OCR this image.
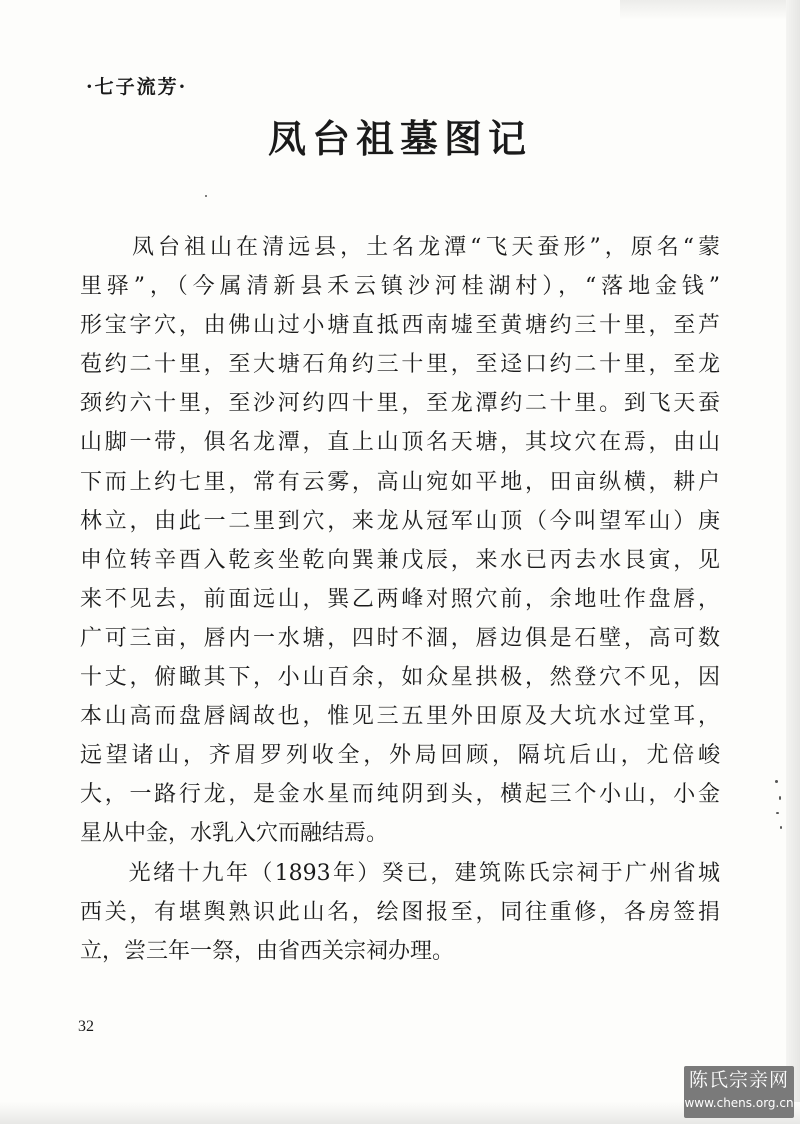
·七子流芳·
凤台祖墓图记
　　凤台祖山在清远县，土名龙潭“飞天蚕形”，原名“蒙
里驿”，（今属清新县禾云镇沙河桂湖村），“落地金钱”
形宝字穴，由佛山过小塘直抵西南墟至黄塘约三十里，至芦
苞约二十里，至大塘石角约三十里，至迳口约二十里，至龙
颈约六十里，至沙河约四十里，至龙潭约二十里。到飞天蚕
山脚一带，俱名龙潭，直上山顶名天塘，其坟穴在焉，由山
下而上约七里，常有云雾，高山宛如平地，田亩纵横，耕户
林立，由此一二里到穴，来龙从冠军山顶（今叫望军山）庚
申位转辛酉入乾亥坐乾向巽兼戊辰，来水已丙去水艮寅，见
来不见去，前面远山，巽乙两峰对照穴前，余地吐作盘唇，
广可三亩，唇内一水塘，四时不涸，唇边俱是石壁，高可数
十丈，俯瞰其下，小山百余，如众星拱极，然登穴不见，因
本山高而盘唇阔故也，惟见三五里外田原及大坑水过堂耳，
远望诸山，齐眉罗列收全，外局回顾，隔坑后山，尤倍峻
大，一路行龙，是金水星而纯阴到头，横起三个小山，小金
星从中金，水乳入穴而融结焉。
　　光绪十九年（1893年）癸已，建筑陈氏宗祠于广州省城
西关，有堪舆熟识此山名，绘图报至，同往重修，各房签捐
立，尝三年一祭，由省西关宗祠办理。
32
陈氏宗亲网
www.chens.org.cn
